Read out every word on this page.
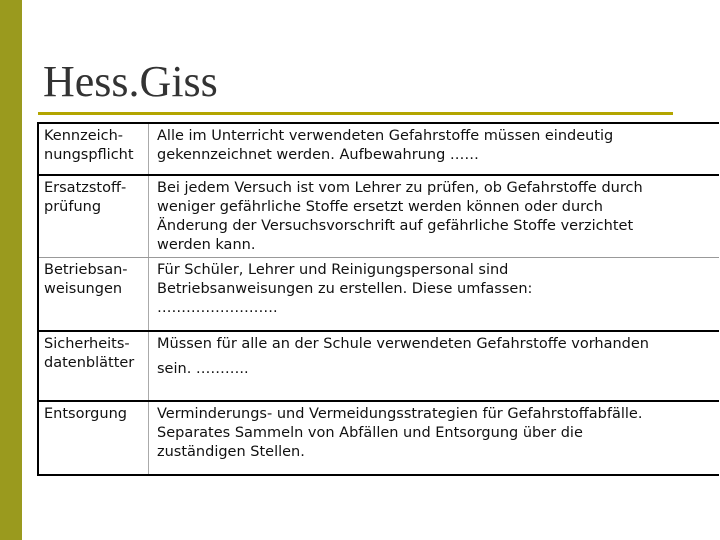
Hess.Giss
Kennzeich-
nungspflicht
Alle im Unterricht verwendeten Gefahrstoffe müssen eindeutig
gekennzeichnet werden. Aufbewahrung ……
Ersatzstoff-
prüfung
Bei jedem Versuch ist vom Lehrer zu prüfen, ob Gefahrstoffe durch
weniger gefährliche Stoffe ersetzt werden können oder durch
Änderung der Versuchsvorschrift auf gefährliche Stoffe verzichtet
werden kann.
Betriebsan-
weisungen
Für Schüler, Lehrer und Reinigungspersonal sind
Betriebsanweisungen zu erstellen. Diese umfassen:
…………………….
Sicherheits-
datenblätter
Müssen für alle an der Schule verwendeten Gefahrstoffe vorhanden
sein. ………..
Entsorgung	Verminderungs- und Vermeidungsstrategien für Gefahrstoffabfälle.
Separates Sammeln von Abfällen und Entsorgung über die
zuständigen Stellen.
